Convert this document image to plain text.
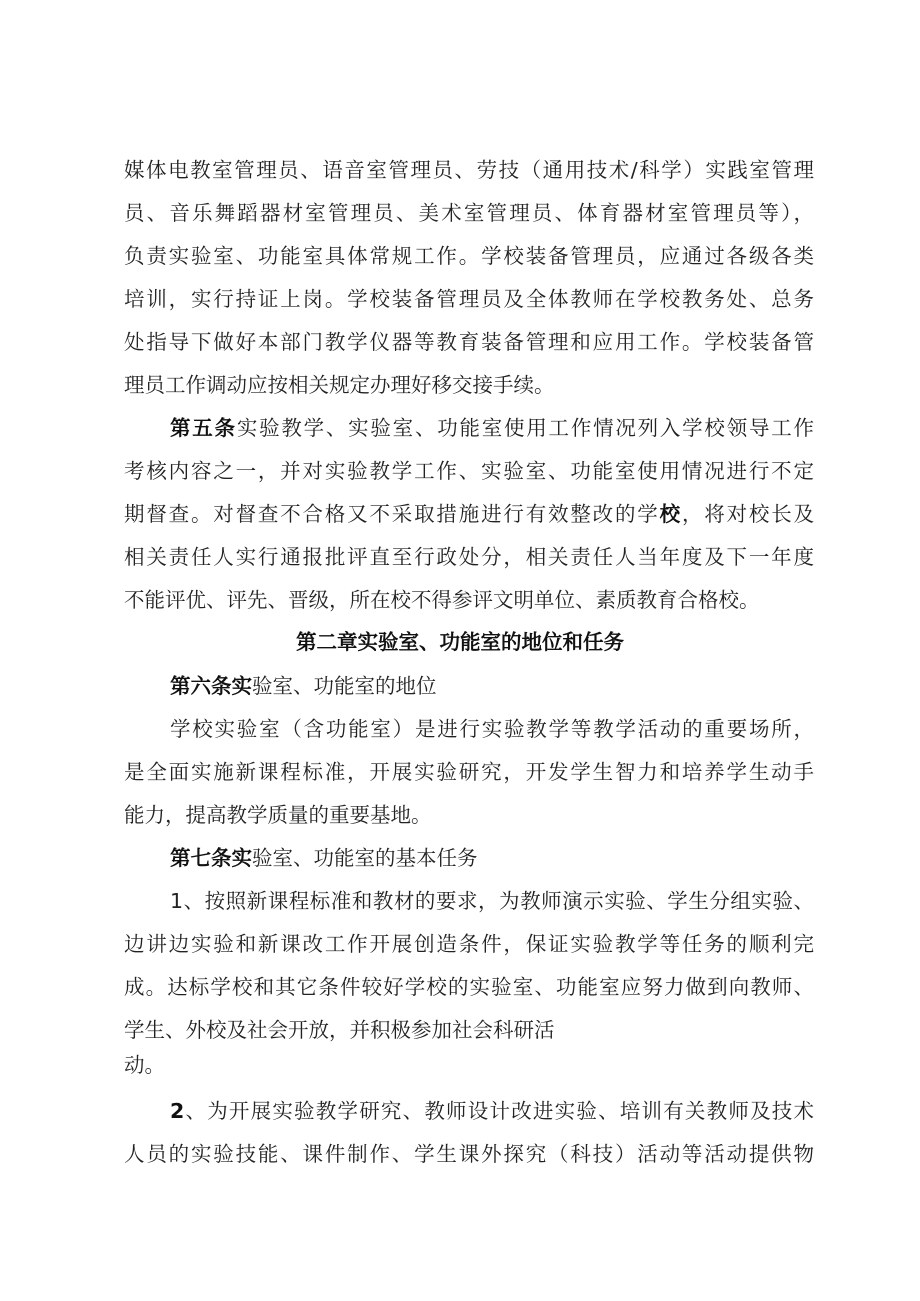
媒体电教室管理员、语音室管理员、劳技（通用技术/科学）实践室管理
员、音乐舞蹈器材室管理员、美术室管理员、体育器材室管理员等），
负责实验室、功能室具体常规工作。学校装备管理员，应通过各级各类
培训，实行持证上岗。学校装备管理员及全体教师在学校教务处、总务
处指导下做好本部门教学仪器等教育装备管理和应用工作。学校装备管
理员工作调动应按相关规定办理好移交接手续。
第五条实验教学、实验室、功能室使用工作情况列入学校领导工作
考核内容之一，并对实验教学工作、实验室、功能室使用情况进行不定
期督查。对督查不合格又不采取措施进行有效整改的学校，将对校长及
相关责任人实行通报批评直至行政处分，相关责任人当年度及下一年度
不能评优、评先、晋级，所在校不得参评文明单位、素质教育合格校。
第二章实验室、功能室的地位和任务
第六条实验室、功能室的地位
学校实验室（含功能室）是进行实验教学等教学活动的重要场所，
是全面实施新课程标准，开展实验研究，开发学生智力和培养学生动手
能力，提高教学质量的重要基地。
第七条实验室、功能室的基本任务
1、按照新课程标准和教材的要求，为教师演示实验、学生分组实验、
边讲边实验和新课改工作开展创造条件，保证实验教学等任务的顺利完
成。达标学校和其它条件较好学校的实验室、功能室应努力做到向教师、
学生、外校及社会开放，并积极参加社会科研活
动。
2、为开展实验教学研究、教师设计改进实验、培训有关教师及技术
人员的实验技能、课件制作、学生课外探究（科技）活动等活动提供物
